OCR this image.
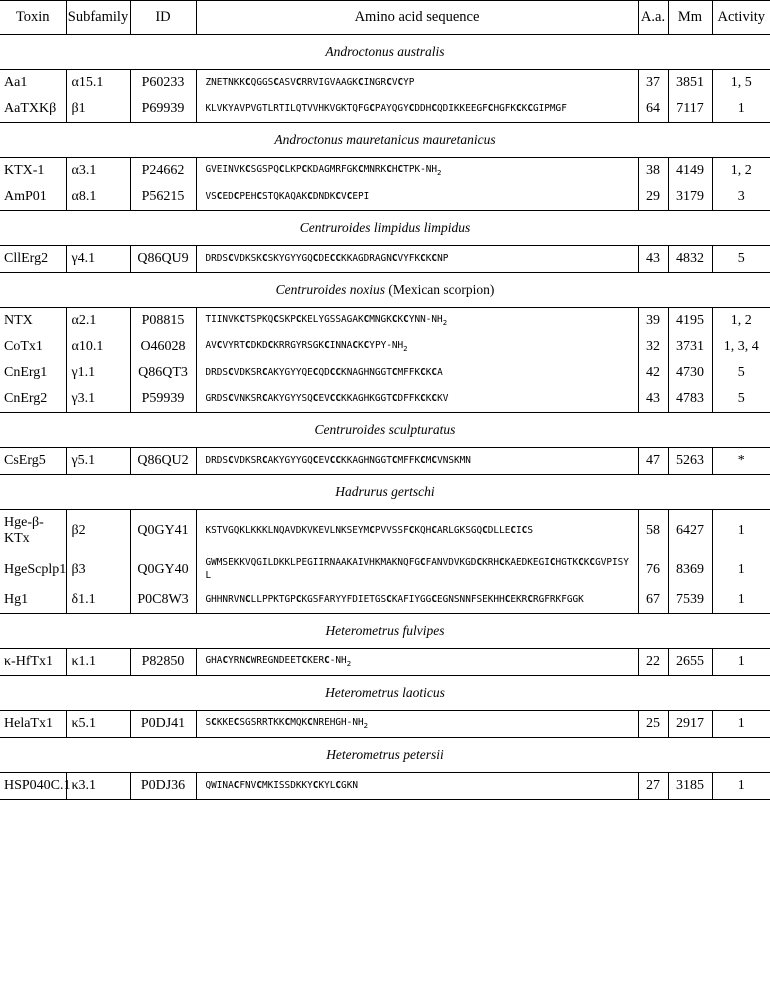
Toxin	Subfamily	ID	Amino acid sequence	A.a.	Mm	Activity
Androctonus australis						
Aa1	α15.1	P60233	ZNETNKKCQGGSCASVCRRVIGVAAGKCINGRCVCYP	37	3851	1, 5
AaTXKβ	β1	P69939	KLVKYAVPVGTLRTILQTVVHKVGKTQFGCPAYQGYCDDHCQDIKKEEGFCHGFKCKCGIPMGF	64	7117	1
Androctonus mauretanicus mauretanicus						
KTX-1	α3.1	P24662	GVEINVKCSGSPQCLKPCKDAGMRFGKCMNRKCHCTPK-$NH_2$	38	4149	1, 2
AmP01	α8.1	P56215	VSCEDCPEHCSTQKAQAKCDNDKCVCEPI	29	3179	3
Centruroides limpidus limpidus						
CllErg2	γ4.1	Q86QU9	DRDSCVDKSKCSKYGYYGQCDECCKKAGDRAGNCVYFKCKCNP	43	4832	5
Centruroides noxius (Mexican scorpion)						
NTX	α2.1	P08815	TIINVKCTSPKQCSKPCKELYGSSAGAKCMNGKCKCYNN-$NH_2$	39	4195	1, 2
CoTx1	α10.1	O46028	AVCVYRTCDKDCKRRGYRSGKCINNACKCYPY-$NH_2$	32	3731	1, 3, 4
CnErg1	γ1.1	Q86QT3	DRDSCVDKSRCAKYGYYQECQDCCKNAGHNGGTCMFFKCKCA	42	4730	5
CnErg2	γ3.1	P59939	GRDSCVNKSRCAKYGYYSQCEVCCKKAGHKGGTCDFFKCKCKV	43	4783	5
Centruroides sculpturatus						
CsErg5	γ5.1	Q86QU2	DRDSCVDKSRCAKYGYYGQCEVCCKKAGHNGGTCMFFKCMCVNSKMN	47	5263	*
Hadrurus gertschi						
Hge-β-KTx	β2	Q0GY41	KSTVGQKLKKKLNQAVDKVKEVLNKSEYMCPVVSSFCKQHCARLGKSGQCDLLECICS	58	6427	1
HgeScplp1	β3	Q0GY40	GWMSEKKVQGILDKKLPEGIIRNAAKAIVHKMAKNQFGCFANVDVKGDCKRHCKAEDKEGICHGTKCKCGVPISYL	76	8369	1
Hg1	δ1.1	P0C8W3	GHHNRVNCLLPPKTGPCKGSFARYYFDIETGSCKAFIYGGCEGNSNNFSEKHHCEKRCRGFRKFGGK	67	7539	1
Heterometrus fulvipes						
κ-HfTx1	κ1.1	P82850	GHACYRNCWREGNDEETCKERC-$NH_2$	22	2655	1
Heterometrus laoticus						
HelaTx1	κ5.1	P0DJ41	SCKKECSGSRRTKKCMQKCNREHGH-$NH_2$	25	2917	1
Heterometrus petersii						
HSP040C.1	κ3.1	P0DJ36	QWINACFNVCMKISSDKKYCKYLCGKN	27	3185	1
